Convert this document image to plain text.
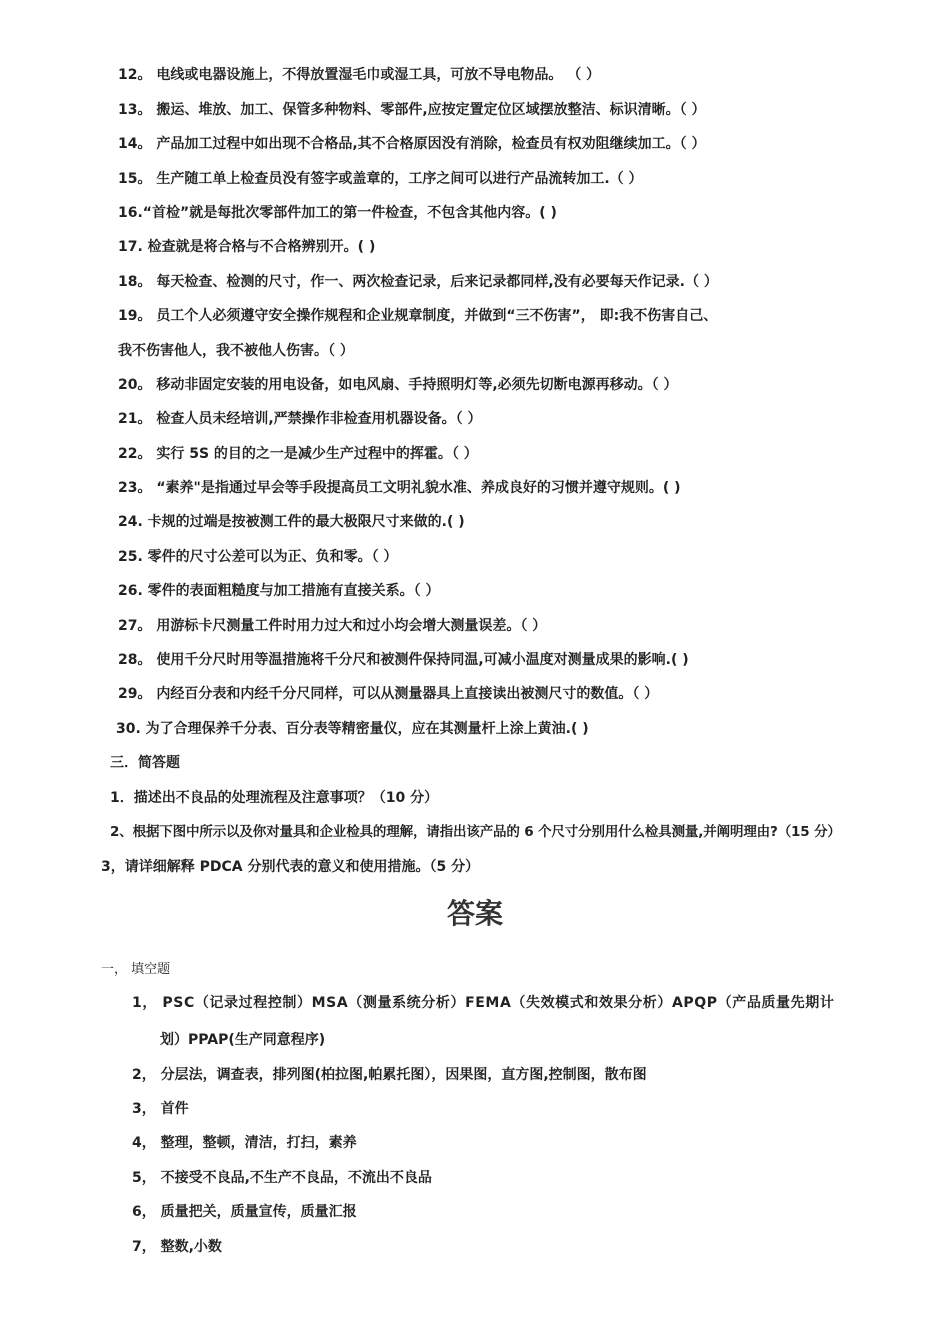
12。 电线或电器设施上，不得放置湿毛巾或湿工具，可放不导电物品。 （ ）
13。 搬运、堆放、加工、保管多种物料、零部件,应按定置定位区域摆放整洁、标识清晰。（ ）
14。 产品加工过程中如出现不合格品,其不合格原因没有消除，检查员有权劝阻继续加工。（ ）
15。 生产随工单上检查员没有签字或盖章的，工序之间可以进行产品流转加工.（ ）
16.“首检”就是每批次零部件加工的第一件检查，不包含其他内容。( )
17. 检查就是将合格与不合格辨别开。( )
18。 每天检查、检测的尺寸，作一、两次检查记录，后来记录都同样,没有必要每天作记录.（ ）
19。 员工个人必须遵守安全操作规程和企业规章制度，并做到“三不伤害”， 即:我不伤害自己、
我不伤害他人，我不被他人伤害。（ ）
20。 移动非固定安装的用电设备，如电风扇、手持照明灯等,必须先切断电源再移动。（ ）
21。 检查人员未经培训,严禁操作非检查用机器设备。（ ）
22。 实行 5S 的目的之一是减少生产过程中的挥霍。（ ）
23。 “素养"是指通过早会等手段提高员工文明礼貌水准、养成良好的习惯并遵守规则。( )
24. 卡规的过端是按被测工件的最大极限尺寸来做的.( )
25. 零件的尺寸公差可以为正、负和零。（ ）
26. 零件的表面粗糙度与加工措施有直接关系。（ ）
27。 用游标卡尺测量工件时用力过大和过小均会增大测量误差。（ ）
28。 使用千分尺时用等温措施将千分尺和被测件保持同温,可减小温度对测量成果的影响.( )
29。 内经百分表和内经千分尺同样，可以从测量器具上直接读出被测尺寸的数值。（ ）
30. 为了合理保养千分表、百分表等精密量仪，应在其测量杆上涂上黄油.( )
三．简答题
1．描述出不良品的处理流程及注意事项？（10 分）
2、根据下图中所示以及你对量具和企业检具的理解，请指出该产品的 6 个尺寸分别用什么检具测量,并阐明理由?（15 分）
3，请详细解释 PDCA 分别代表的意义和使用措施。（5 分）
答案
一， 填空题
1， PSC（记录过程控制）MSA（测量系统分析）FEMA（失效模式和效果分析）APQP（产品质量先期计
划）PPAP(生产同意程序)
2， 分层法，调查表，排列图(柏拉图,帕累托图），因果图，直方图,控制图，散布图
3， 首件
4， 整理，整顿，清洁，打扫，素养
5， 不接受不良品,不生产不良品，不流出不良品
6， 质量把关，质量宣传，质量汇报
7， 整数,小数
